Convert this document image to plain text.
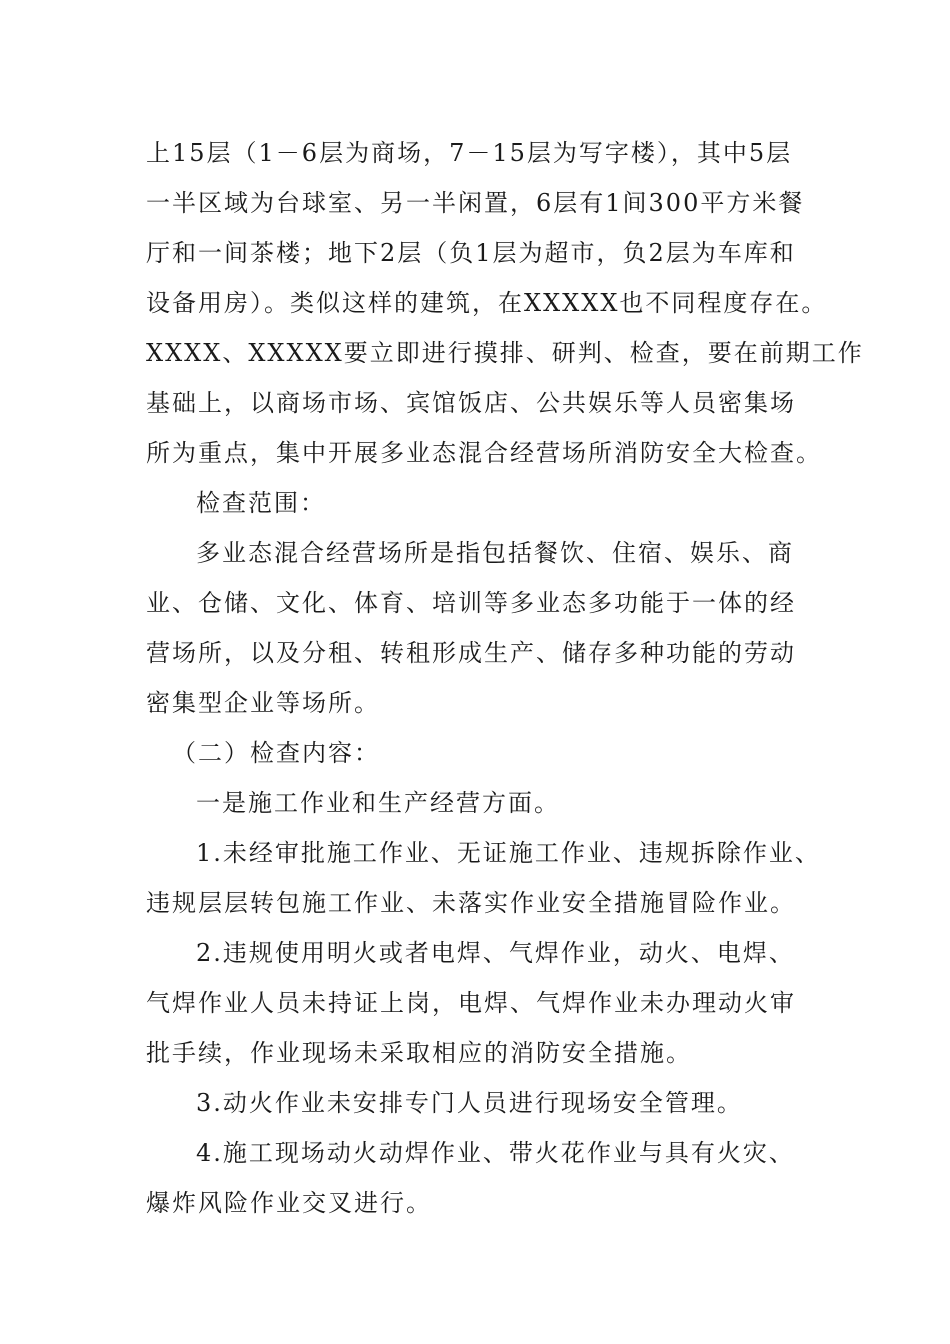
上15层（1－6层为商场，7－15层为写字楼），其中5层
一半区域为台球室、另一半闲置，6层有1间300平方米餐
厅和一间茶楼；地下2层（负1层为超市，负2层为车库和
设备用房）。类似这样的建筑，在XXXXX也不同程度存在。
XXXX、XXXXX要立即进行摸排、研判、检查，要在前期工作
基础上，以商场市场、宾馆饭店、公共娱乐等人员密集场
所为重点，集中开展多业态混合经营场所消防安全大检查。
检查范围：
多业态混合经营场所是指包括餐饮、住宿、娱乐、商
业、仓储、文化、体育、培训等多业态多功能于一体的经
营场所，以及分租、转租形成生产、储存多种功能的劳动
密集型企业等场所。
（二）检查内容：
一是施工作业和生产经营方面。
1.未经审批施工作业、无证施工作业、违规拆除作业、
违规层层转包施工作业、未落实作业安全措施冒险作业。
2.违规使用明火或者电焊、气焊作业，动火、电焊、
气焊作业人员未持证上岗，电焊、气焊作业未办理动火审
批手续，作业现场未采取相应的消防安全措施。
3.动火作业未安排专门人员进行现场安全管理。
4.施工现场动火动焊作业、带火花作业与具有火灾、
爆炸风险作业交叉进行。
